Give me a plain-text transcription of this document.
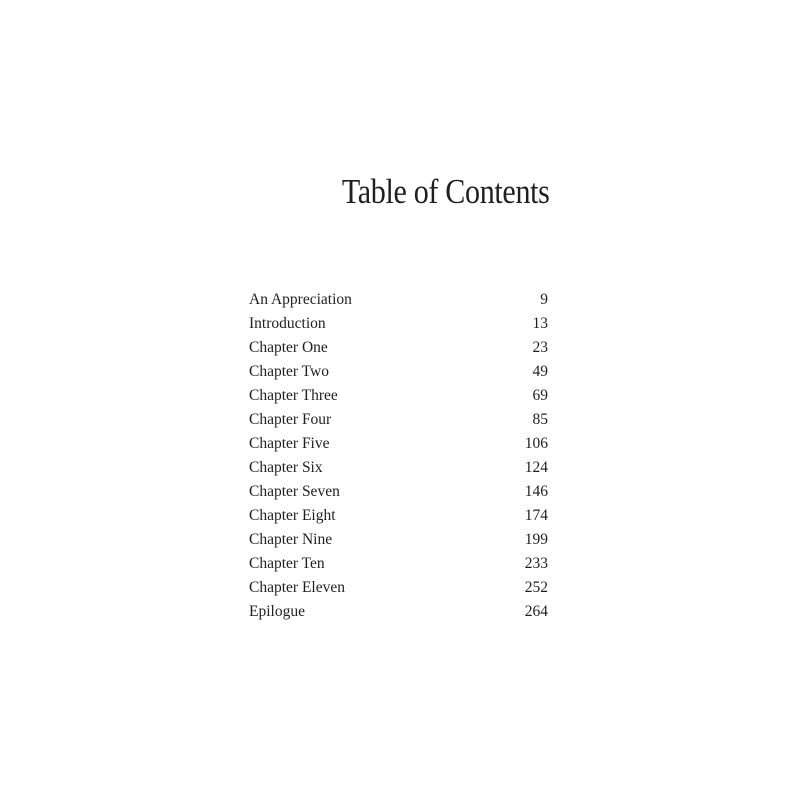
Table of Contents
An Appreciation	9
Introduction	13
Chapter One	23
Chapter Two	49
Chapter Three	69
Chapter Four	85
Chapter Five	106
Chapter Six	124
Chapter Seven	146
Chapter Eight	174
Chapter Nine	199
Chapter Ten	233
Chapter Eleven	252
Epilogue	264
